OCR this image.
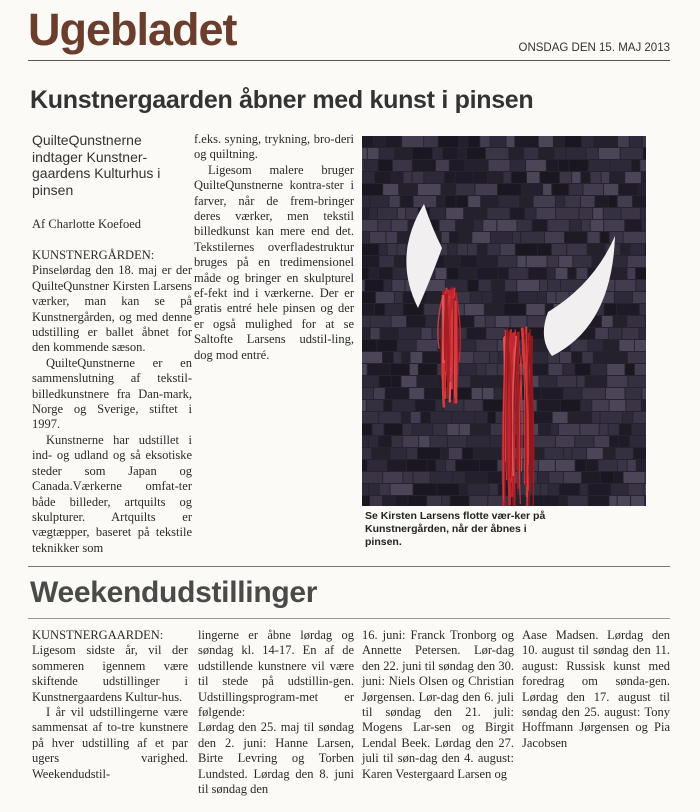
Ugebladet	ONSDAG DEN 15. MAJ 2013
Kunstnergaarden åbner med kunst i pinsen
QuilteQunstnerne indtager Kunstner-gaardens Kulturhus i pinsen
Af Charlotte Koefoed

KUNSTNERGÅRDEN:

Pinselørdag den 18. maj er der QuilteQunstner Kirsten Larsens værker, man kan se på Kunstnergården, og med denne udstilling er ballet åbnet for den kommende sæson.

QuilteQunstnerne er en sammenslutning af tekstil-billedkunstnere fra Dan-mark, Norge og Sverige, stiftet i 1997.

Kunstnerne har udstillet i ind- og udland og så eksotiske steder som Japan og Canada.Værkerne omfat-ter både billeder, artquilts og skulpturer. Artquilts er vægtæpper, baseret på tekstile teknikker som

f.eks. syning, trykning, bro-deri og quiltning.

Ligesom malere bruger QuilteQunstnerne kontra-ster i farver, når de frem-bringer deres værker, men tekstil billedkunst kan mere end det. Tekstilernes overfladestruktur bruges på en tredimensionel måde og bringer en skulpturel ef-fekt ind i værkerne. Der er gratis entré hele pinsen og der er også mulighed for at se Saltofte Larsens udstil-ling, dog mod entré.

Se Kirsten Larsens flotte vær-ker på Kunstnergården, når der åbnes i pinsen.
Weekendudstillinger

KUNSTNERGAARDEN:

Ligesom sidste år, vil der sommeren igennem være skiftende udstillinger i Kunstnergaardens Kultur-hus.

I år vil udstillingerne være sammensat af to-tre kunstnere på hver udstilling af et par ugers varighed. Weekendudstil-

lingerne er åbne lørdag og søndag kl. 14-17. En af de udstillende kunstnere vil være til stede på udstillin-gen. Udstillingsprogram-met er følgende:

Lørdag den 25. maj til søndag den 2. juni: Hanne Larsen, Birte Levring og Torben Lundsted. Lørdag den 8. juni til søndag den

16. juni: Franck Tronborg og Annette Petersen. Lør-dag den 22. juni til søndag den 30. juni: Niels Olsen og Christian Jørgensen. Lør-dag den 6. juli til søndag den 21. juli: Mogens Lar-sen og Birgit Lendal Beek. Lørdag den 27. juli til søn-dag den 4. august: Karen Vestergaard Larsen og

Aase Madsen. Lørdag den 10. august til søndag den 11. august: Russisk kunst med foredrag om sønda-gen. Lørdag den 17. august til søndag den 25. august: Tony Hoffmann Jørgensen og Pia Jacobsen
